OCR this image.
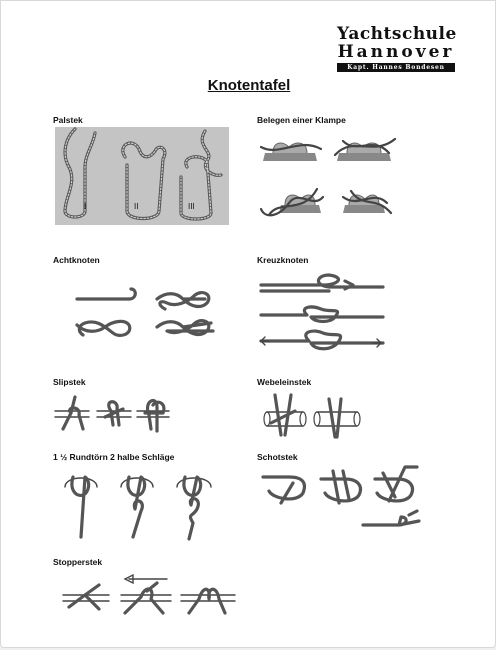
Yachtschule
Hannover
Kapt. Hannes Bondesen
Knotentafel
Palstek
I	II	III
Belegen einer Klampe
Achtknoten	Kreuzknoten
Slipstek	Webeleinstek
1 ½ Rundtörn 2 halbe Schläge	Schotstek
Stopperstek
